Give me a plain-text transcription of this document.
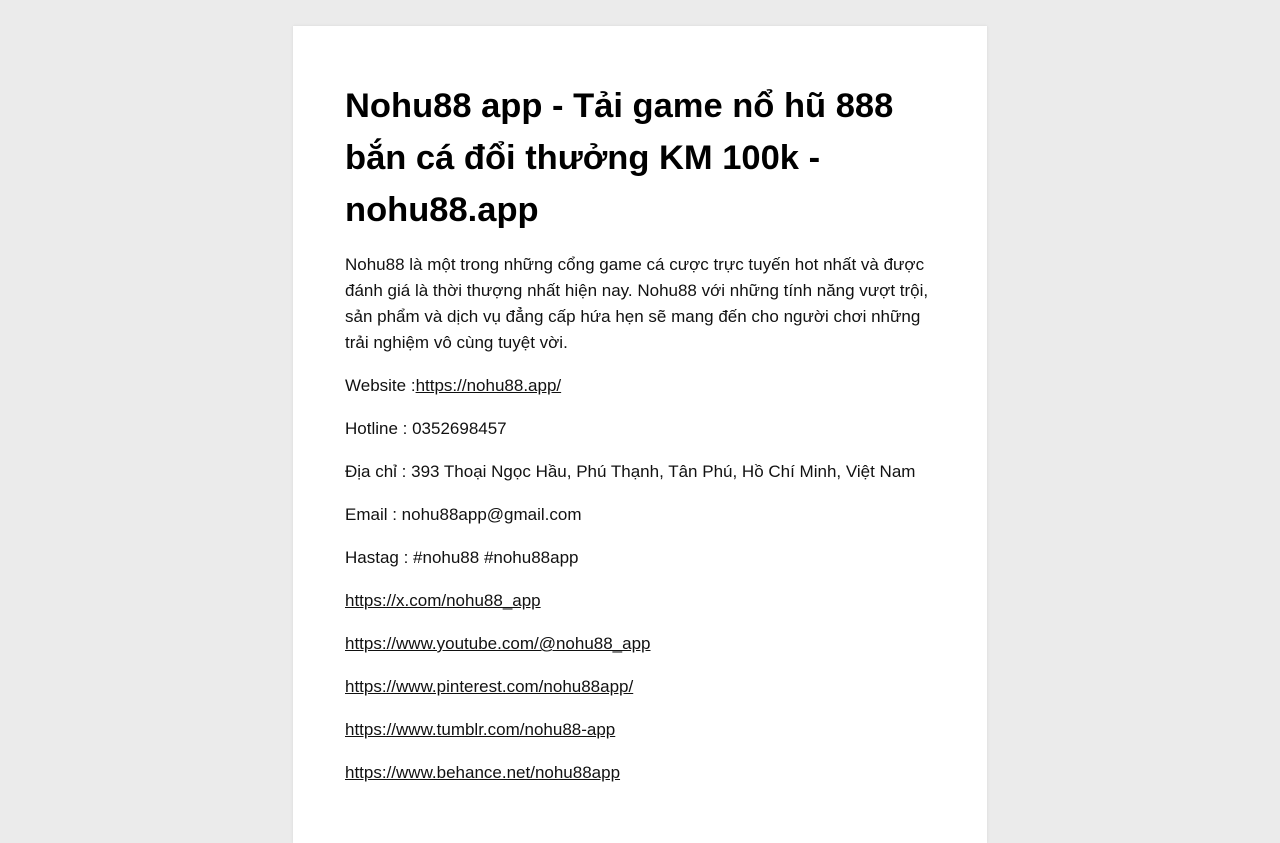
Nohu88 app - Tải game nổ hũ 888 bắn cá đổi thưởng KM 100k - nohu88.app

Nohu88 là một trong những cổng game cá cược trực tuyến hot nhất và được đánh giá là thời thượng nhất hiện nay. Nohu88 với những tính năng vượt trội, sản phẩm và dịch vụ đẳng cấp hứa hẹn sẽ mang đến cho người chơi những trải nghiệm vô cùng tuyệt vời.

Website :https://nohu88.app/

Hotline : 0352698457

Địa chỉ : 393 Thoại Ngọc Hầu, Phú Thạnh, Tân Phú, Hồ Chí Minh, Việt Nam

Email : nohu88app@gmail.com

Hastag : #nohu88 #nohu88app

https://x.com/nohu88_app

https://www.youtube.com/@nohu88_app

https://www.pinterest.com/nohu88app/

https://www.tumblr.com/nohu88-app

https://www.behance.net/nohu88app
